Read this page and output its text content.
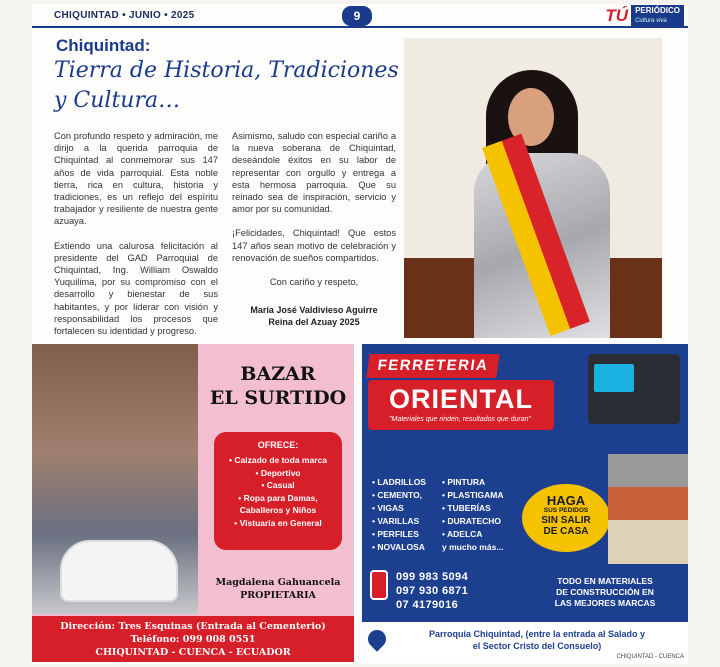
CHIQUINTAD • JUNIO • 2025	9	TÚ PERIÓDICO
Cultura viva
Chiquintad:
Tierra de Historia, Tradiciones y Cultura…

Con profundo respeto y admiración, me dirijo a la querida parroquia de Chiquintad al conmemorar sus 147 años de vida parroquial. Esta noble tierra, rica en cultura, historia y tradiciones, es un reflejo del espíritu trabajador y resiliente de nuestra gente azuaya.

Extiendo una calurosa felicitación al presidente del GAD Parroquial de Chiquintad, Ing. William Oswaldo Yuquilima, por su compromiso con el desarrollo y bienestar de sus habitantes, y por liderar con visión y responsabilidad los procesos que fortalecen su identidad y progreso.

Asimismo, saludo con especial cariño a la nueva soberana de Chiquintad, deseándole éxitos en su labor de representar con orgullo y entrega a esta hermosa parroquia. Que su reinado sea de inspiración, servicio y amor por su comunidad.

¡Felicidades, Chiquintad! Que estos 147 años sean motivo de celebración y renovación de sueños compartidos.

Con cariño y respeto,

María José Valdivieso Aguirre
Reina del Azuay 2025
BAZAR
EL SURTIDO
OFRECE:
• Calzado de toda marca
• Deportivo
• Casual
• Ropa para Damas,
Caballeros y Niños
• Vistuaria en General
Magdalena Gahuancela
PROPIETARIA
Dirección: Tres Esquinas (Entrada al Cementerio)
Teléfono: 099 008 0551
CHIQUINTAD - CUENCA - ECUADOR
FERRETERIA
ORIENTAL
"Materiales que rinden, resultados que duran"
• LADRILLOS	• PINTURA
• CEMENTO,	• PLASTIGAMA
• VIGAS	• TUBERÍAS
• VARILLAS	• DURATECHO
• PERFILES	• ADELCA
• NOVALOSA	y mucho más...
HAGA
SUS PEDIDOS
SIN SALIR
DE CASA
099 983 5094
097 930 6871
07 4179016
TODO EN MATERIALES
DE CONSTRUCCIÓN EN
LAS MEJORES MARCAS
Parroquia Chiquintad, (entre la entrada al Salado y
el Sector Cristo del Consuelo)
CHIQUINTAD - CUENCA
